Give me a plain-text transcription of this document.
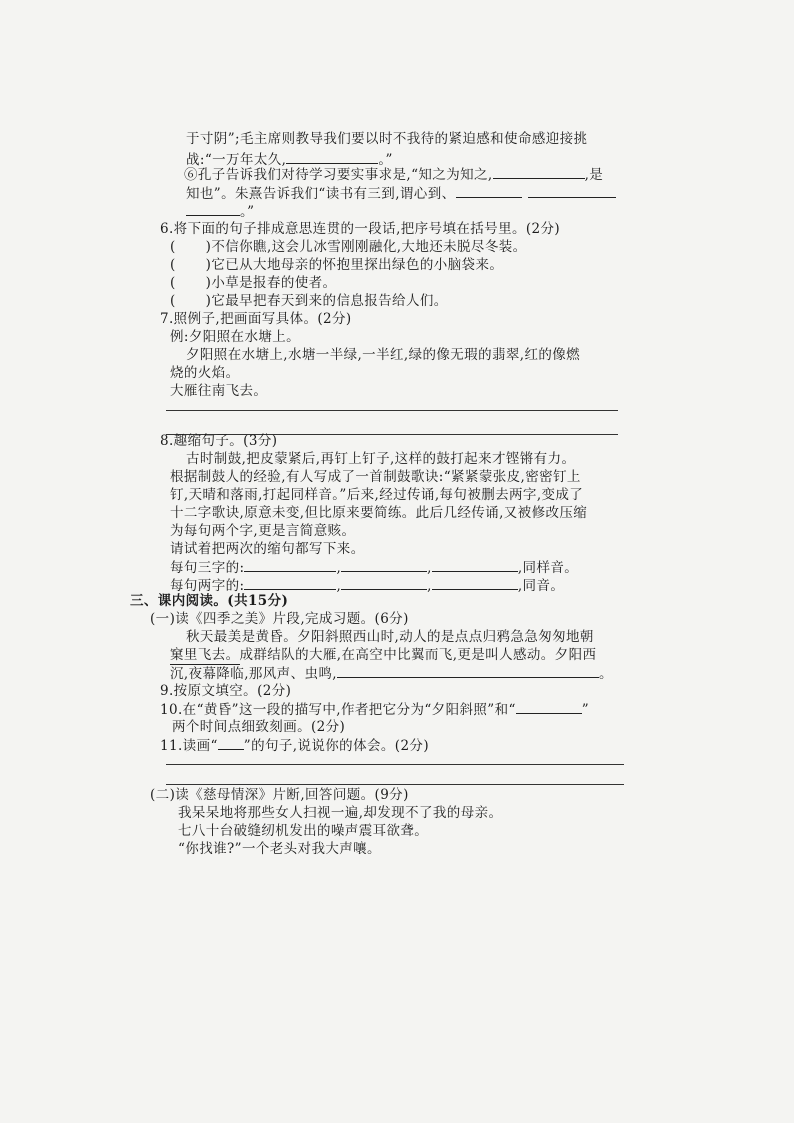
于寸阴”;毛主席则教导我们要以时不我待的紧迫感和使命感迎接挑
战:“一万年太久,	。”
⑥孔子告诉我们对待学习要实事求是,“知之为知之,	,是
知也”。朱熹告诉我们“读书有三到,谓心到、
。”
6.将下面的句子排成意思连贯的一段话,把序号填在括号里。(2分)
( )不信你瞧,这会儿冰雪刚刚融化,大地还未脱尽冬装。
( )它已从大地母亲的怀抱里探出绿色的小脑袋来。
( )小草是报春的使者。
( )它最早把春天到来的信息报告给人们。
7.照例子,把画面写具体。(2分)
例:夕阳照在水塘上。
夕阳照在水塘上,水塘一半绿,一半红,绿的像无瑕的翡翠,红的像燃
烧的火焰。
大雁往南飞去。
8.趣缩句子。(3分)
古时制鼓,把皮蒙紧后,再钉上钉子,这样的鼓打起来才铿锵有力。
根据制鼓人的经验,有人写成了一首制鼓歌诀:“紧紧蒙张皮,密密钉上
钉,天晴和落雨,打起同样音。”后来,经过传诵,每句被删去两字,变成了
十二字歌诀,原意未变,但比原来要简练。此后几经传诵,又被修改压缩
为每句两个字,更是言简意赅。
请试着把两次的缩句都写下来。
每句三字的:	,	,	,同样音。
每句两字的:	,	,	,同音。
三、课内阅读。(共15分)
(一)读《四季之美》片段,完成习题。(6分)
秋天最美是黄昏。夕阳斜照西山时,动人的是点点归鸦急急匆匆地朝
窠里飞去。成群结队的大雁,在高空中比翼而飞,更是叫人感动。夕阳西
沉,夜幕降临,那风声、虫鸣,	。
9.按原文填空。(2分)
10.在“黄昏”这一段的描写中,作者把它分为“夕阳斜照”和“	”
两个时间点细致刻画。(2分)
11.读画“ ”的句子,说说你的体会。(2分)
(二)读《慈母情深》片断,回答问题。(9分)
我呆呆地将那些女人扫视一遍,却发现不了我的母亲。
七八十台破缝纫机发出的噪声震耳欲聋。
“你找谁?”一个老头对我大声嚷。
